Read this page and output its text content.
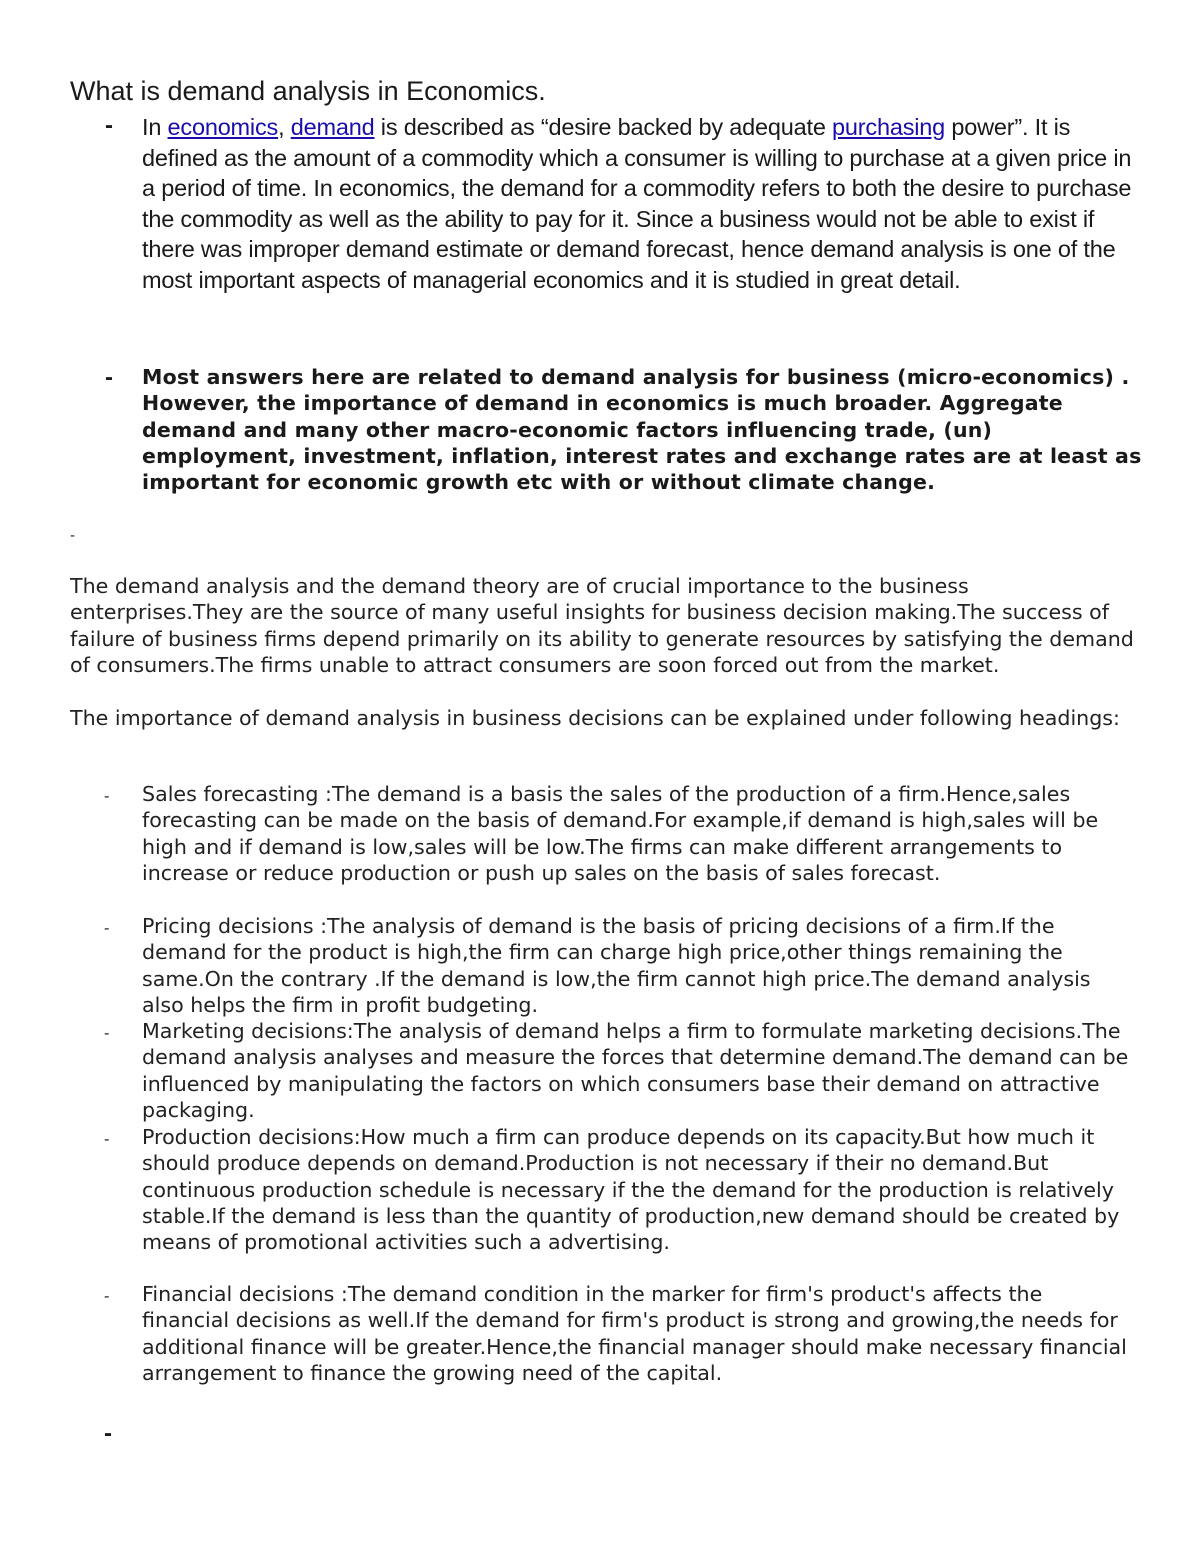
What is demand analysis in Economics.
- In economics, demand is described as “desire backed by adequate purchasing power”. It is defined as the amount of a commodity which a consumer is willing to purchase at a given price in a period of time. In economics, the demand for a commodity refers to both the desire to purchase the commodity as well as the ability to pay for it. Since a business would not be able to exist if there was improper demand estimate or demand forecast, hence demand analysis is one of the most important aspects of managerial economics and it is studied in great detail.

- Most answers here are related to demand analysis for business (micro-economics) . However, the importance of demand in economics is much broader. Aggregate demand and many other macro-economic factors influencing trade, (un) employment, investment, inflation, interest rates and exchange rates are at least as important for economic growth etc with or without climate change.

-

The demand analysis and the demand theory are of crucial importance to the business enterprises.They are the source of many useful insights for business decision making.The success of failure of business firms depend primarily on its ability to generate resources by satisfying the demand of consumers.The firms unable to attract consumers are soon forced out from the market.

The importance of demand analysis in business decisions can be explained under following headings:

- Sales forecasting :The demand is a basis the sales of the production of a firm.Hence,sales forecasting can be made on the basis of demand.For example,if demand is high,sales will be high and if demand is low,sales will be low.The firms can make different arrangements to increase or reduce production or push up sales on the basis of sales forecast.

- Pricing decisions :The analysis of demand is the basis of pricing decisions of a firm.If the demand for the product is high,the firm can charge high price,other things remaining the same.On the contrary .If the demand is low,the firm cannot high price.The demand analysis also helps the firm in profit budgeting.

- Marketing decisions:The analysis of demand helps a firm to formulate marketing decisions.The demand analysis analyses and measure the forces that determine demand.The demand can be influenced by manipulating the factors on which consumers base their demand on attractive packaging.

- Production decisions:How much a firm can produce depends on its capacity.But how much it should produce depends on demand.Production is not necessary if their no demand.But continuous production schedule is necessary if the the demand for the production is relatively stable.If the demand is less than the quantity of production,new demand should be created by means of promotional activities such a advertising.

- Financial decisions :The demand condition in the marker for firm's product's affects the financial decisions as well.If the demand for firm's product is strong and growing,the needs for additional finance will be greater.Hence,the financial manager should make necessary financial arrangement to finance the growing need of the capital.

-
